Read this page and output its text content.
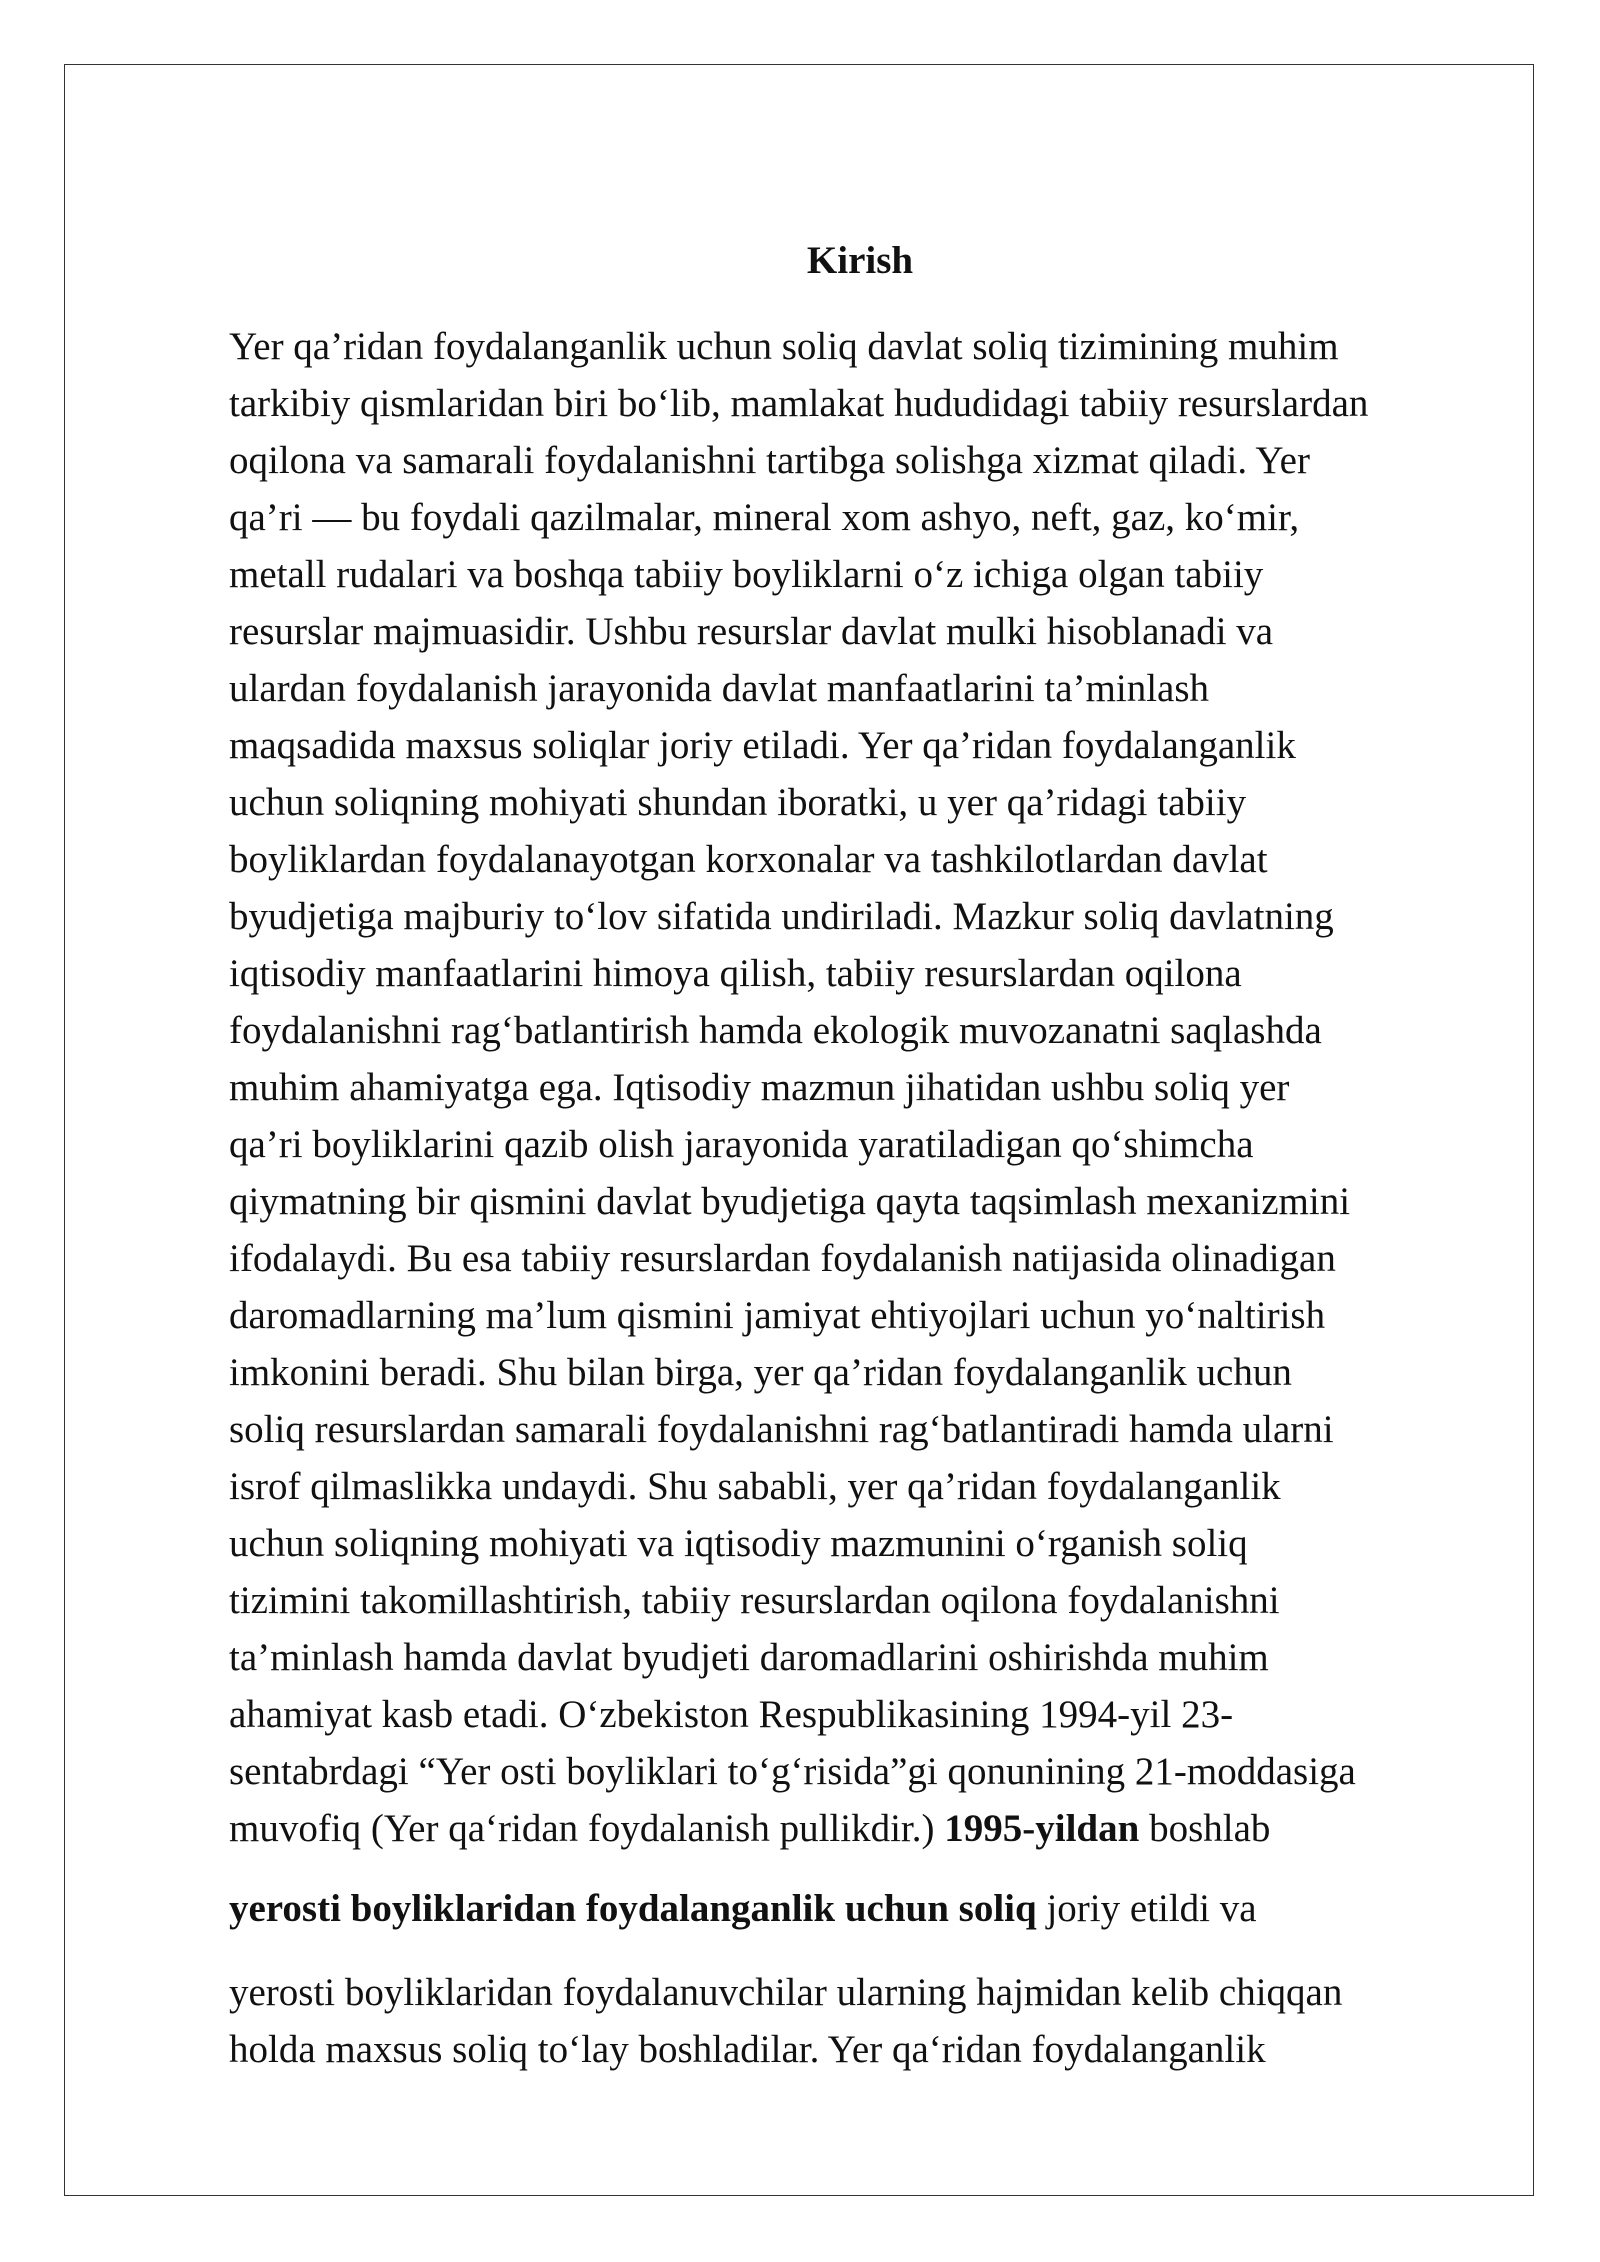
Kirish

Yer qa’ridan foydalanganlik uchun soliq davlat soliq tizimining muhim
tarkibiy qismlaridan biri bo‘lib, mamlakat hududidagi tabiiy resurslardan
oqilona va samarali foydalanishni tartibga solishga xizmat qiladi. Yer
qa’ri — bu foydali qazilmalar, mineral xom ashyo, neft, gaz, ko‘mir,
metall rudalari va boshqa tabiiy boyliklarni o‘z ichiga olgan tabiiy
resurslar majmuasidir. Ushbu resurslar davlat mulki hisoblanadi va
ulardan foydalanish jarayonida davlat manfaatlarini ta’minlash
maqsadida maxsus soliqlar joriy etiladi. Yer qa’ridan foydalanganlik
uchun soliqning mohiyati shundan iboratki, u yer qa’ridagi tabiiy
boyliklardan foydalanayotgan korxonalar va tashkilotlardan davlat
byudjetiga majburiy to‘lov sifatida undiriladi. Mazkur soliq davlatning
iqtisodiy manfaatlarini himoya qilish, tabiiy resurslardan oqilona
foydalanishni rag‘batlantirish hamda ekologik muvozanatni saqlashda
muhim ahamiyatga ega. Iqtisodiy mazmun jihatidan ushbu soliq yer
qa’ri boyliklarini qazib olish jarayonida yaratiladigan qo‘shimcha
qiymatning bir qismini davlat byudjetiga qayta taqsimlash mexanizmini
ifodalaydi. Bu esa tabiiy resurslardan foydalanish natijasida olinadigan
daromadlarning ma’lum qismini jamiyat ehtiyojlari uchun yo‘naltirish
imkonini beradi. Shu bilan birga, yer qa’ridan foydalanganlik uchun
soliq resurslardan samarali foydalanishni rag‘batlantiradi hamda ularni
isrof qilmaslikka undaydi. Shu sababli, yer qa’ridan foydalanganlik
uchun soliqning mohiyati va iqtisodiy mazmunini o‘rganish soliq
tizimini takomillashtirish, tabiiy resurslardan oqilona foydalanishni
ta’minlash hamda davlat byudjeti daromadlarini oshirishda muhim
ahamiyat kasb etadi. O‘zbekiston Respublikasining 1994-yil 23-
sentabrdagi “Yer osti boyliklari to‘g‘risida”gi qonunining 21-moddasiga
muvofiq (Yer qa‘ridan foydalanish pullikdir.) 1995-yildan boshlab

yerosti boyliklaridan foydalanganlik uchun soliq joriy etildi va

yerosti boyliklaridan foydalanuvchilar ularning hajmidan kelib chiqqan
holda maxsus soliq to‘lay boshladilar. Yer qa‘ridan foydalanganlik
